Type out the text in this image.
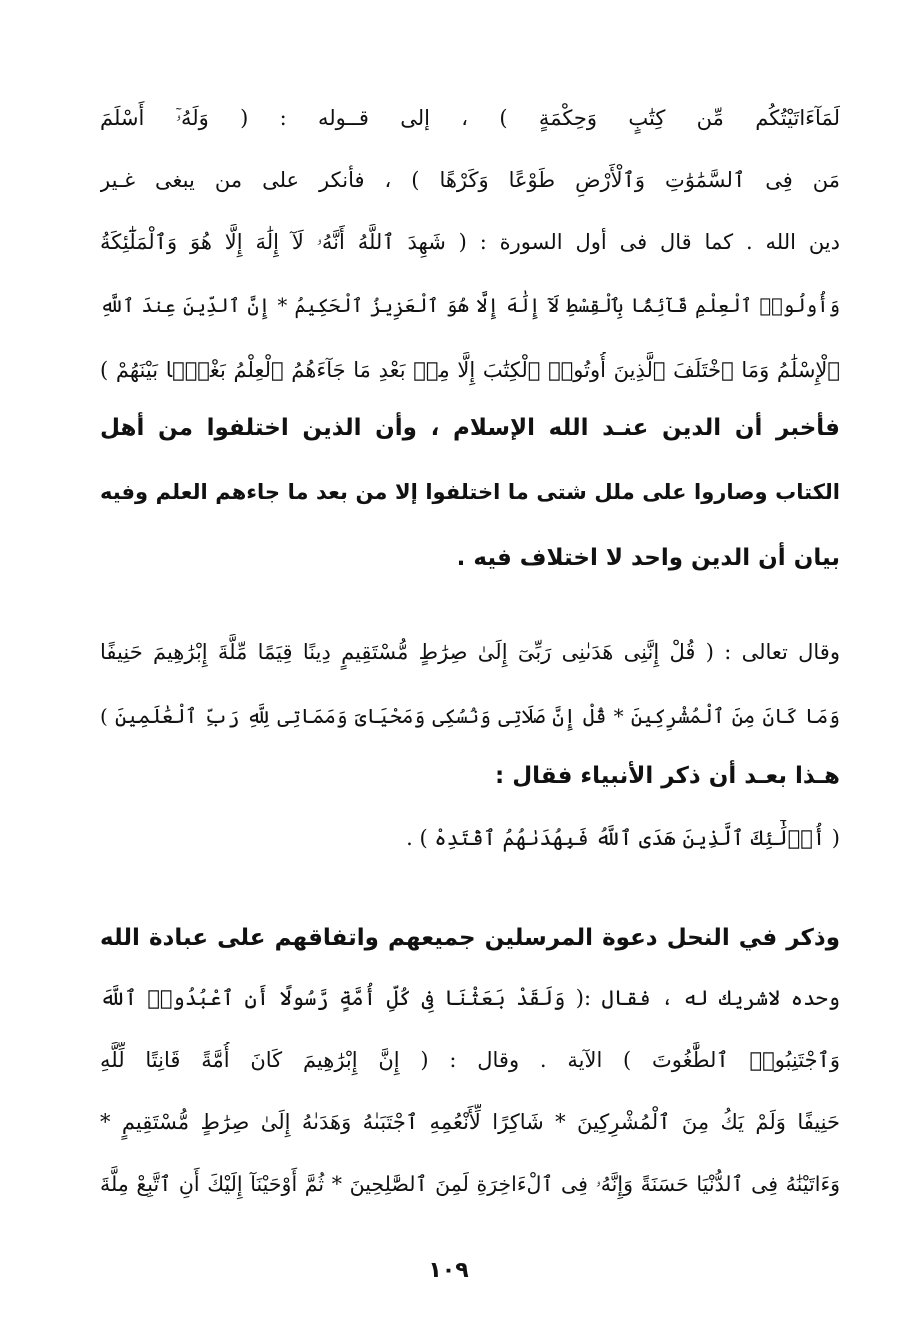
لَمَآءَاتَيْتُكُم مِّن كِتَٰبٍ وَحِكْمَةٍ ) ، إلى قــوله : ( وَلَهُۥٓ أَسْلَمَ
مَن فِى ٱلسَّمَٰوَٰتِ وَٱلْأَرْضِ طَوْعًا وَكَرْهًا ) ، فأنكر على من يبغى غـير
دين الله . كما قال فى أول السورة : ( شَهِدَ ٱللَّهُ أَنَّهُۥ لَآ إِلَٰهَ إِلَّا هُوَ وَٱلْمَلَٰٓئِكَةُ
وَأُولُوا۟ ٱلْعِلْمِ قَآئِمًۢا بِٱلْقِسْطِ لَآ إِلَٰهَ إِلَّا هُوَ ٱلْعَزِيزُ ٱلْحَكِيمُ * إِنَّ ٱلدِّينَ عِندَ ٱللَّهِ
ٱلْإِسْلَٰمُ وَمَا ٱخْتَلَفَ ٱلَّذِينَ أُوتُوا۟ ٱلْكِتَٰبَ إِلَّا مِنۢ بَعْدِ مَا جَآءَهُمُ ٱلْعِلْمُ بَغْيًۢا بَيْنَهُمْ )
فأخبر أن الدين عنـد الله الإسلام ، وأن الذين اختلفوا من أهل
الكتاب وصاروا على ملل شتى ما اختلفوا إلا من بعد ما جاءهم العلم وفيه
بيان أن الدين واحد لا اختلاف فيه .
وقال تعالى : ( قُلْ إِنَّنِى هَدَىٰنِى رَبِّىٓ إِلَىٰ صِرَٰطٍ مُّسْتَقِيمٍ دِينًا قِيَمًا مِّلَّةَ إِبْرَٰهِيمَ حَنِيفًا
وَمَا كَانَ مِنَ ٱلْمُشْرِكِينَ * قُلْ إِنَّ صَلَاتِى وَنُسُكِى وَمَحْيَاىَ وَمَمَاتِى لِلَّهِ رَبِّ ٱلْعَٰلَمِينَ )
هـذا بعـد أن ذكر الأنبياء فقال :
( أُو۟لَٰٓئِكَ ٱلَّذِينَ هَدَى ٱللَّهُ فَبِهُدَىٰهُمُ ٱقْتَدِهْ ) .
وذكر في النحل دعوة المرسلين جميعهم واتفاقهم على عبادة الله
وحده لاشريك له ، فقال :( وَلَقَدْ بَعَثْنَا فِى كُلِّ أُمَّةٍ رَّسُولًا أَنِ ٱعْبُدُوا۟ ٱللَّهَ
وَٱجْتَنِبُوا۟ ٱلطَّٰغُوتَ ) الآية . وقال : ( إِنَّ إِبْرَٰهِيمَ كَانَ أُمَّةً قَانِتًا لِّلَّهِ
حَنِيفًا وَلَمْ يَكُ مِنَ ٱلْمُشْرِكِينَ * شَاكِرًا لِّأَنْعُمِهِ ٱجْتَبَىٰهُ وَهَدَىٰهُ إِلَىٰ صِرَٰطٍ مُّسْتَقِيمٍ *
وَءَاتَيْنَٰهُ فِى ٱلدُّنْيَا حَسَنَةً وَإِنَّهُۥ فِى ٱلْءَاخِرَةِ لَمِنَ ٱلصَّٰلِحِينَ * ثُمَّ أَوْحَيْنَآ إِلَيْكَ أَنِ ٱتَّبِعْ مِلَّةَ
١٠٩
